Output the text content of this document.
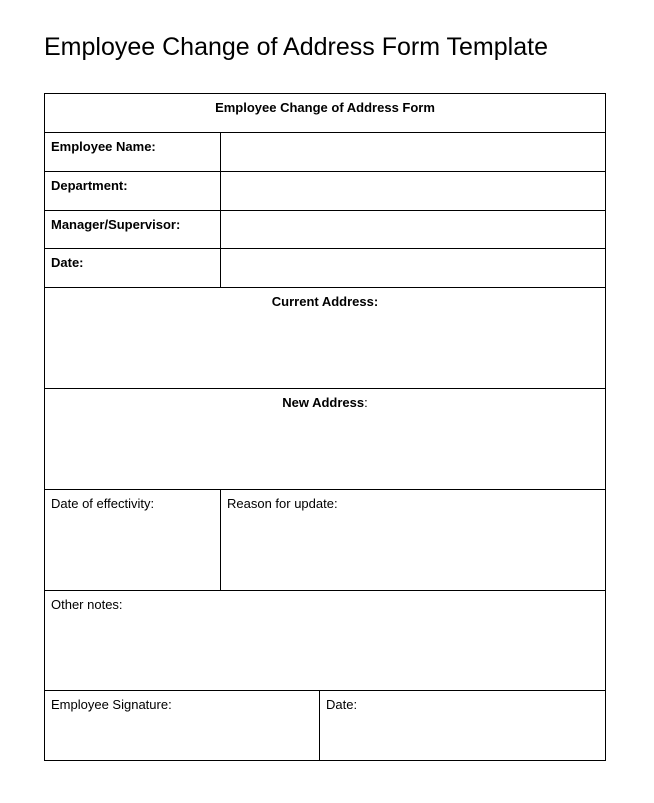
Employee Change of Address Form Template
Employee Change of Address Form
Employee Name:
Department:
Manager/Supervisor:
Date:
Current Address:
New Address:
Date of effectivity:	Reason for update:
Other notes:
Employee Signature:	Date:
